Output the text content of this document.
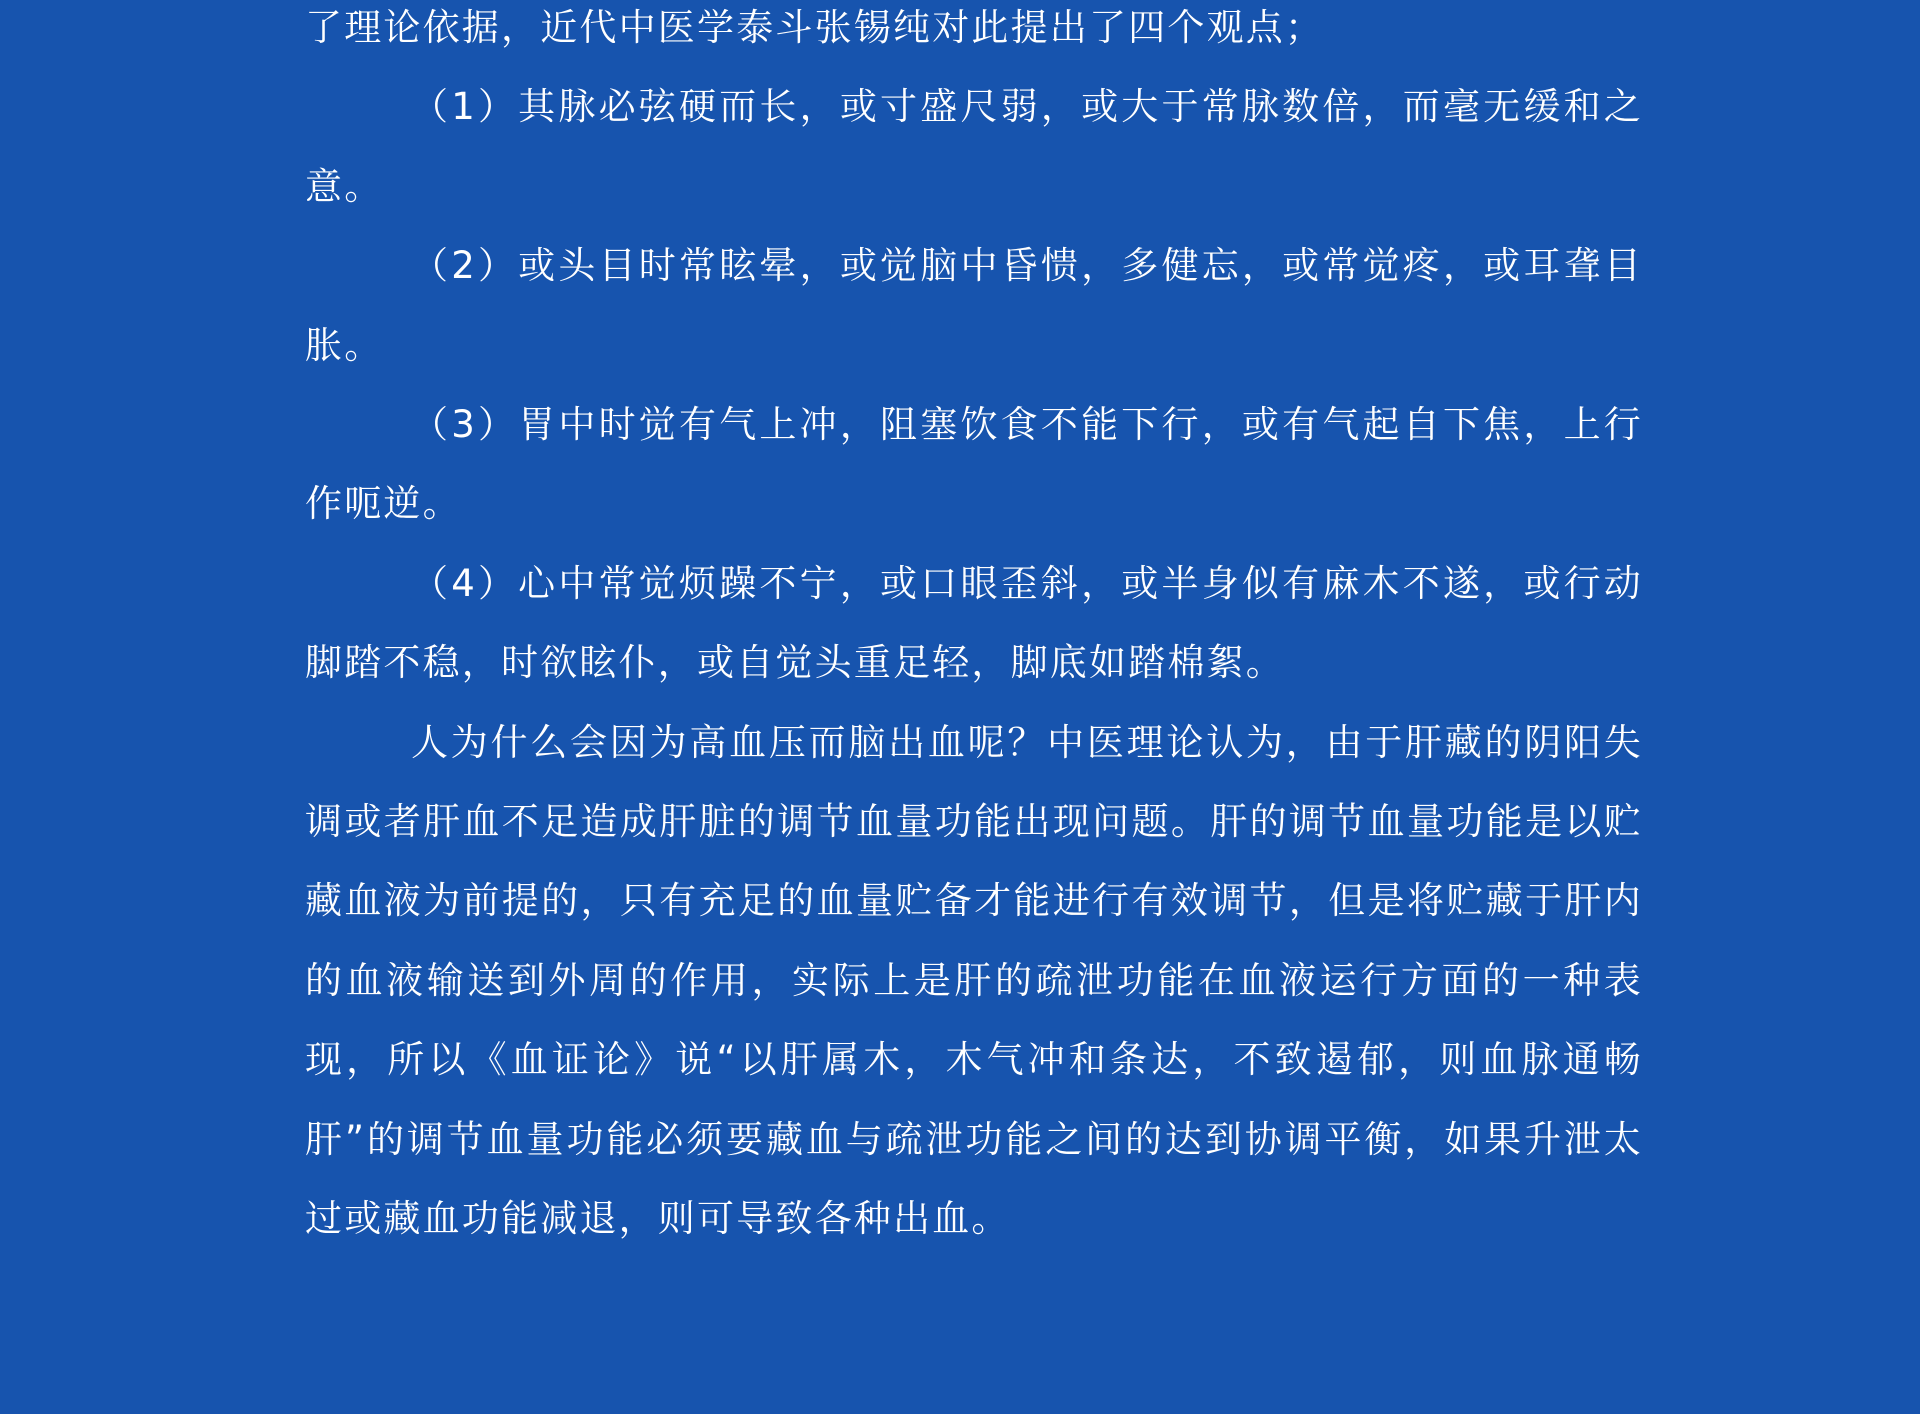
了理论依据，近代中医学泰斗张锡纯对此提出了四个观点；

（1）其脉必弦硬而长，或寸盛尺弱，或大于常脉数倍，而毫无缓和之意。

（2）或头目时常眩晕，或觉脑中昏愦，多健忘，或常觉疼，或耳聋目胀。

（3）胃中时觉有气上冲，阻塞饮食不能下行，或有气起自下焦，上行作呃逆。

（4）心中常觉烦躁不宁，或口眼歪斜，或半身似有麻木不遂，或行动脚踏不稳，时欲眩仆，或自觉头重足轻，脚底如踏棉絮。

人为什么会因为高血压而脑出血呢？中医理论认为，由于肝藏的阴阳失调或者肝血不足造成肝脏的调节血量功能出现问题。肝的调节血量功能是以贮藏血液为前提的，只有充足的血量贮备才能进行有效调节，但是将贮藏于肝内的血液输送到外周的作用，实际上是肝的疏泄功能在血液运行方面的一种表现，所以《血证论》说“以肝属木，木气冲和条达，不致遏郁，则血脉通畅肝”的调节血量功能必须要藏血与疏泄功能之间的达到协调平衡，如果升泄太过或藏血功能减退，则可导致各种出血。
